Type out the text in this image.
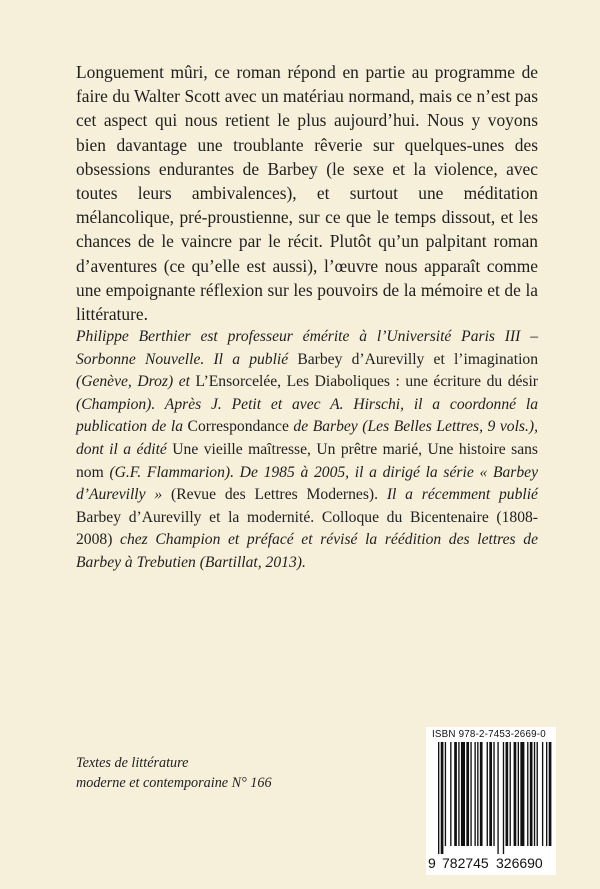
Longuement mûri, ce roman répond en partie au programme de faire du Walter Scott avec un matériau normand, mais ce n’est pas cet aspect qui nous retient le plus aujourd’hui. Nous y voyons bien davantage une troublante rêverie sur quelques-unes des obsessions endurantes de Barbey (le sexe et la violence, avec toutes leurs ambivalences), et surtout une méditation mélancolique, pré-proustienne, sur ce que le temps dissout, et les chances de le vaincre par le récit. Plutôt qu’un palpitant roman d’aventures (ce qu’elle est aussi), l’œuvre nous apparaît comme une empoignante réflexion sur les pouvoirs de la mémoire et de la littérature.

Philippe Berthier est professeur émérite à l’Université Paris III – Sorbonne Nouvelle. Il a publié Barbey d’Aurevilly et l’imagination (Genève, Droz) et L’Ensorcelée, Les Diaboliques : une écriture du désir (Champion). Après J. Petit et avec A. Hirschi, il a coordonné la publication de la Correspondance de Barbey (Les Belles Lettres, 9 vols.), dont il a édité Une vieille maîtresse, Un prêtre marié, Une histoire sans nom (G.F. Flammarion). De 1985 à 2005, il a dirigé la série « Barbey d’Aurevilly » (Revue des Lettres Modernes). Il a récemment publié Barbey d’Aurevilly et la modernité. Colloque du Bicentenaire (1808-2008) chez Champion et préfacé et révisé la réédition des lettres de Barbey à Trebutien (Bartillat, 2013).

Textes de littérature
moderne et contemporaine N° 166
ISBN 978-2-7453-2669-0
9 782745 326690
